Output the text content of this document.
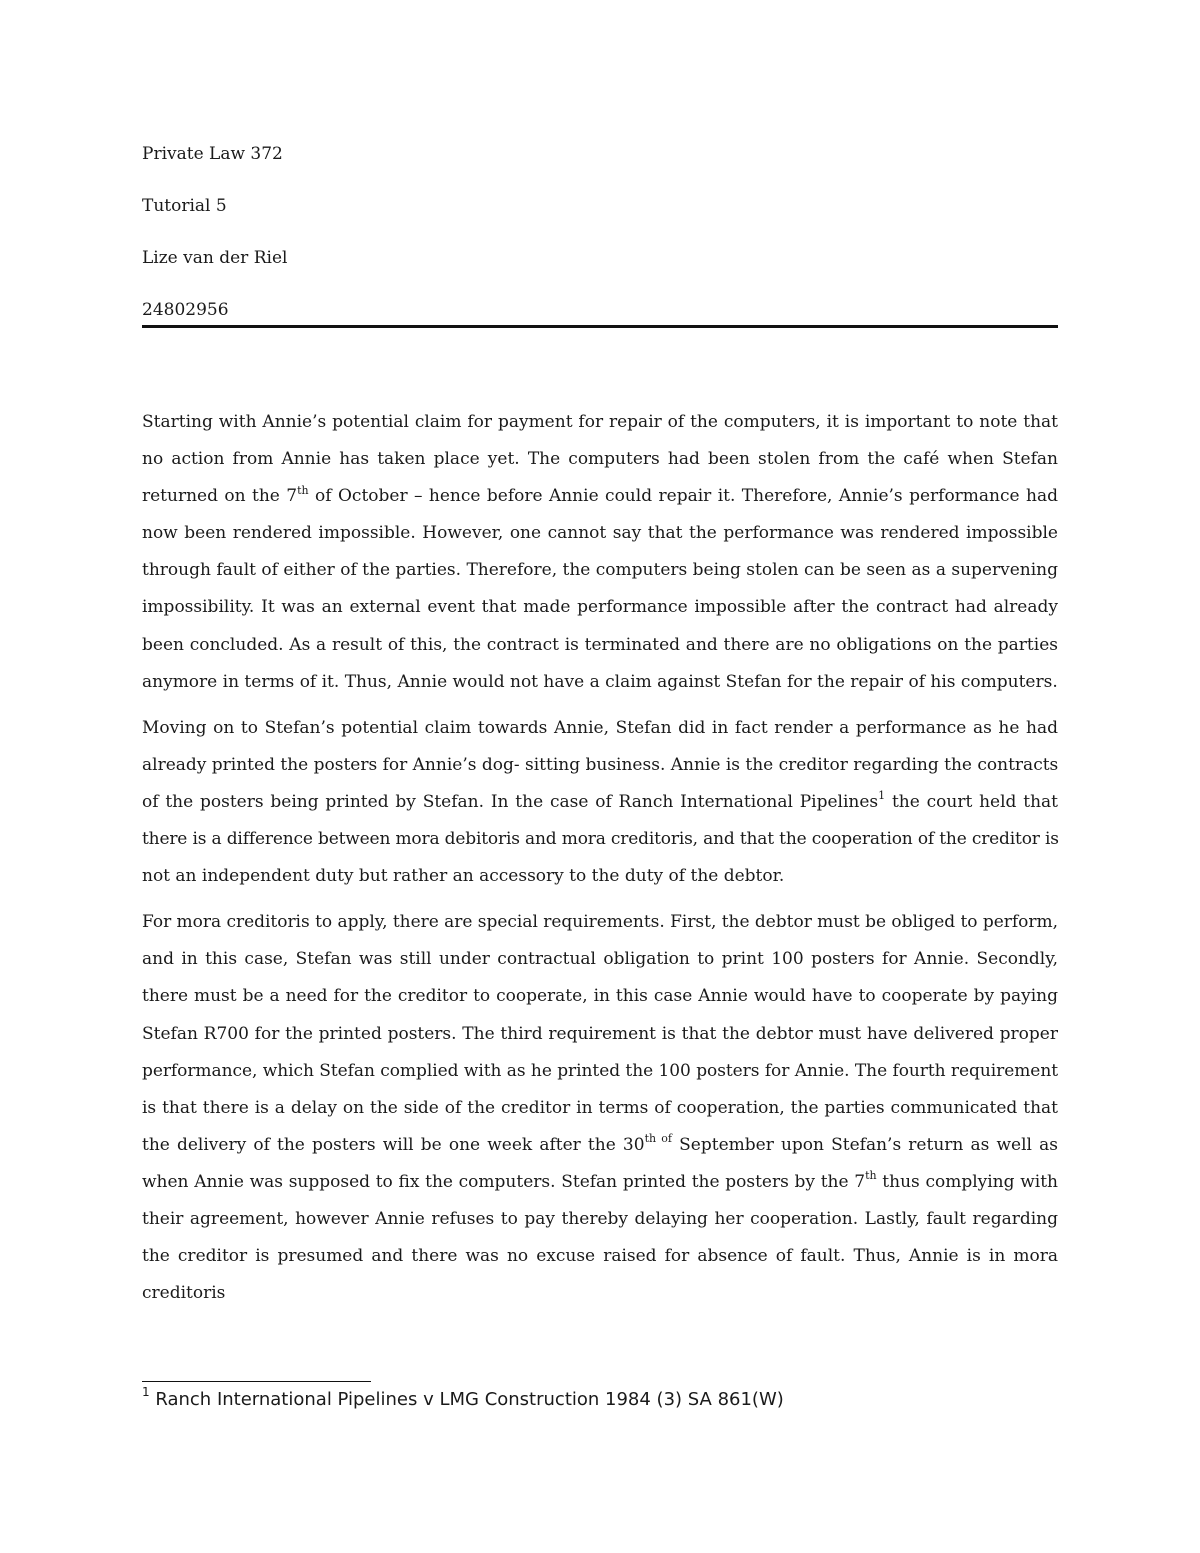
Private Law 372
Tutorial 5
Lize van der Riel
24802956

Starting with Annie’s potential claim for payment for repair of the computers, it is important to note that
no action from Annie has taken place yet. The computers had been stolen from the café when Stefan
returned on the 7th of October – hence before Annie could repair it. Therefore, Annie’s performance had
now been rendered impossible. However, one cannot say that the performance was rendered impossible
through fault of either of the parties. Therefore, the computers being stolen can be seen as a supervening
impossibility. It was an external event that made performance impossible after the contract had already
been concluded. As a result of this, the contract is terminated and there are no obligations on the parties
anymore in terms of it. Thus, Annie would not have a claim against Stefan for the repair of his computers.

Moving on to Stefan’s potential claim towards Annie, Stefan did in fact render a performance as he had
already printed the posters for Annie’s dog- sitting business. Annie is the creditor regarding the contracts
of the posters being printed by Stefan. In the case of Ranch International Pipelines$^1$ the court held that
there is a difference between mora debitoris and mora creditoris, and that the cooperation of the creditor is
not an independent duty but rather an accessory to the duty of the debtor.

For mora creditoris to apply, there are special requirements. First, the debtor must be obliged to perform,
and in this case, Stefan was still under contractual obligation to print 100 posters for Annie. Secondly,
there must be a need for the creditor to cooperate, in this case Annie would have to cooperate by paying
Stefan R700 for the printed posters. The third requirement is that the debtor must have delivered proper
performance, which Stefan complied with as he printed the 100 posters for Annie. The fourth requirement
is that there is a delay on the side of the creditor in terms of cooperation, the parties communicated that
the delivery of the posters will be one week after the $30^{th of}$ September upon Stefan’s return as well as
when Annie was supposed to fix the computers. Stefan printed the posters by the 7th thus complying with
their agreement, however Annie refuses to pay thereby delaying her cooperation. Lastly, fault regarding
the creditor is presumed and there was no excuse raised for absence of fault. Thus, Annie is in mora
creditoris

$^1$ Ranch International Pipelines v LMG Construction 1984 (3) SA 861(W)
